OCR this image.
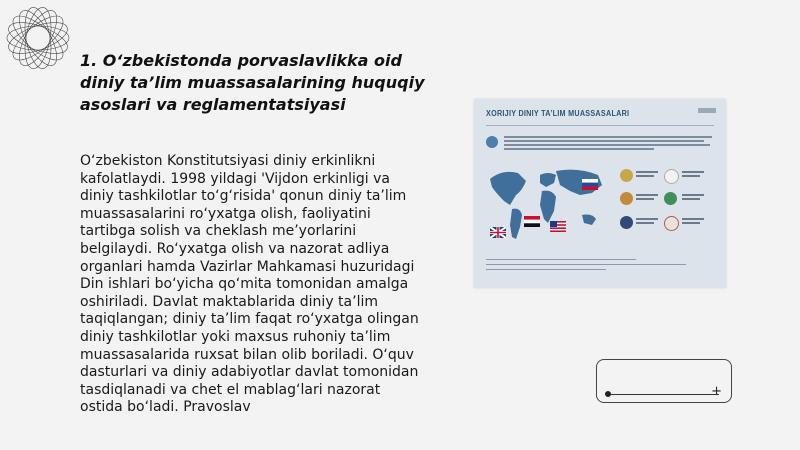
1. O‘zbekistonda porvaslavlikka oid diniy ta’lim muassasalarining huquqiy asoslari va reglamentatsiyasi

O‘zbekiston Konstitutsiyasi diniy erkinlikni kafolatlaydi. 1998 yildagi 'Vijdon erkinligi va diniy tashkilotlar to‘g‘risida' qonun diniy ta’lim muassasalarini ro‘yxatga olish, faoliyatini tartibga solish va cheklash me’yorlarini belgilaydi. Ro‘yxatga olish va nazorat adliya organlari hamda Vazirlar Mahkamasi huzuridagi Din ishlari bo‘yicha qo‘mita tomonidan amalga oshiriladi. Davlat maktablarida diniy ta’lim taqiqlangan; diniy ta’lim faqat ro‘yxatga olingan diniy tashkilotlar yoki maxsus ruhoniy ta’lim muassasalarida ruxsat bilan olib boriladi. O‘quv dasturlari va diniy adabiyotlar davlat tomonidan tasdiqlanadi va chet el mablag‘lari nazorat ostida bo‘ladi. Pravoslav

XORIJIY DINIY TA’LIM MUASSASALARI
+
